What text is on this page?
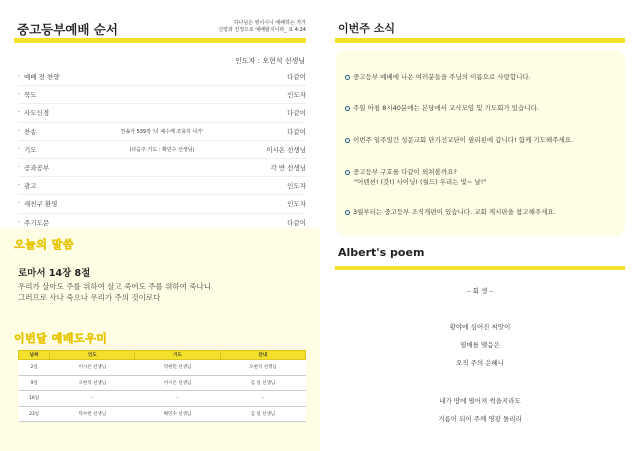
중고등부예배 순서	하나님은 영이시니 예배하는 자가
신령과 진정으로 예배할지니라_ 요 4:24
인도자 : 오현석 선생님
· 예배 전 찬양	다같이
· 묵도	인도자
· 사도신경	다같이
· 찬송	찬송가 539장 '너 예수께 조용히 나가'	다같이
· 기도	(다음주 기도 : 확민수 선생님)	이시온 선생님
· 공과공부	각 반 선생님
· 광고	인도자
· 새친구 환영	인도자
· 주기도문	다같이
오늘의 말씀
로마서 14장 8절
우리가 살아도 주를 위하여 살고 죽어도 주를 위하여 죽나니
그러므로 사나 죽으나 우리가 주의 것이로다
이번달 예배도우미
날짜	인도	기도	안내
2일	이시온 선생님	탁현민 선생님	오현석 선생님
9일	오현석 선생님	이시온 선생님	김 일 선생님
16일	–	–	–
23일	탁수빈 선생님	확민수 선생님	김 일 선생님
이번주 소식
중고등부 예배에 나온 여러분들을 주님의 이름으로 사랑합니다.
주일 아침 8시40분에는 본당에서 교사모임 및 기도회가 있습니다.
이번주 일주일간 성문교회 단기선교단이 필리핀에 갑니다! 함께 기도해주세요.
중고등부 구호를 다같이 외쳐볼까요?
"어텐션! (갓!) 사이닝! (월드) 우리는 빛~ 날!"
3월부터는 중고등부 조직개편이 있습니다. 교회 게시판을 참고해주세요.
Albert's poem
– 회 생 –
황야에 심어진 씨앗이
열매를 맺음은
오직 주의 은혜니
내가 땅에 떨어져 썩을지라도
거름이 되어 주께 영광 돌리리
